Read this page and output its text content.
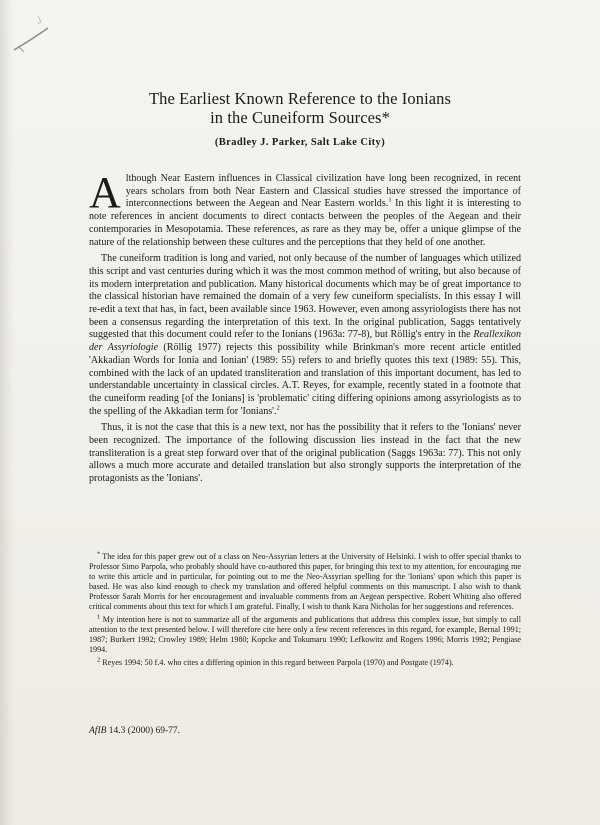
The Earliest Known Reference to the Ionians
in the Cuneiform Sources*
(Bradley J. Parker, Salt Lake City)

Although Near Eastern influences in Classical civilization have long been recognized, in recent years scholars from both Near Eastern and Classical studies have stressed the importance of interconnections between the Aegean and Near Eastern worlds.$^1$ In this light it is interesting to note references in ancient documents to direct contacts between the peoples of the Aegean and their contemporaries in Mesopotamia. These references, as rare as they may be, offer a unique glimpse of the nature of the relationship between these cultures and the perceptions that they held of one another.

The cuneiform tradition is long and varied, not only because of the number of languages which utilized this script and vast centuries during which it was the most common method of writing, but also because of its modern interpretation and publication. Many historical documents which may be of great importance to the classical historian have remained the domain of a very few cuneiform specialists. In this essay I will re-edit a text that has, in fact, been available since 1963. However, even among assyriologists there has not been a consensus regarding the interpretation of this text. In the original publication, Saggs tentatively suggested that this document could refer to the Ionians (1963a: 77-8), but Röllig's entry in the Reallexikon der Assyriologie (Röllig 1977) rejects this possibility while Brinkman's more recent article entitled 'Akkadian Words for Ionia and Ionian' (1989: 55) refers to and briefly quotes this text (1989: 55). This, combined with the lack of an updated transliteration and translation of this important document, has led to understandable uncertainty in classical circles. A.T. Reyes, for example, recently stated in a footnote that the cuneiform reading [of the Ionians] is 'problematic' citing differing opinions among assyriologists as to the spelling of the Akkadian term for 'Ionians'.$^2$

Thus, it is not the case that this is a new text, nor has the possibility that it refers to the 'Ionians' never been recognized. The importance of the following discussion lies instead in the fact that the new transliteration is a great step forward over that of the original publication (Saggs 1963a: 77). This not only allows a much more accurate and detailed translation but also strongly supports the interpretation of the protagonists as the 'Ionians'.

* The idea for this paper grew out of a class on Neo-Assyrian letters at the University of Helsinki. I wish to offer special thanks to Professor Simo Parpola, who probably should have co-authored this paper, for bringing this text to my attention, for encouraging me to write this article and in particular, for pointing out to me the Neo-Assyrian spelling for the 'Ionians' upon which this paper is based. He was also kind enough to check my translation and offered helpful comments on this manuscript. I also wish to thank Professor Sarah Morris for her encouragement and invaluable comments from an Aegean perspective. Robert Whiting also offered critical comments about this text for which I am grateful. Finally, I wish to thank Kara Nicholas for her suggestions and references.

$^1$ My intention here is not to summarize all of the arguments and publications that address this complex issue, but simply to call attention to the text presented below. I will therefore cite here only a few recent references in this regard, for example, Bernal 1991; 1987; Burkert 1992; Crowley 1989; Helm 1980; Kopcke and Tokumaru 1990; Lefkowitz and Rogers 1996; Morris 1992; Pengiase 1994.

$^2$ Reyes 1994: 50 f.4. who cites a differing opinion in this regard between Parpola (1970) and Postgate (1974).

AfIB 14.3 (2000) 69-77.
